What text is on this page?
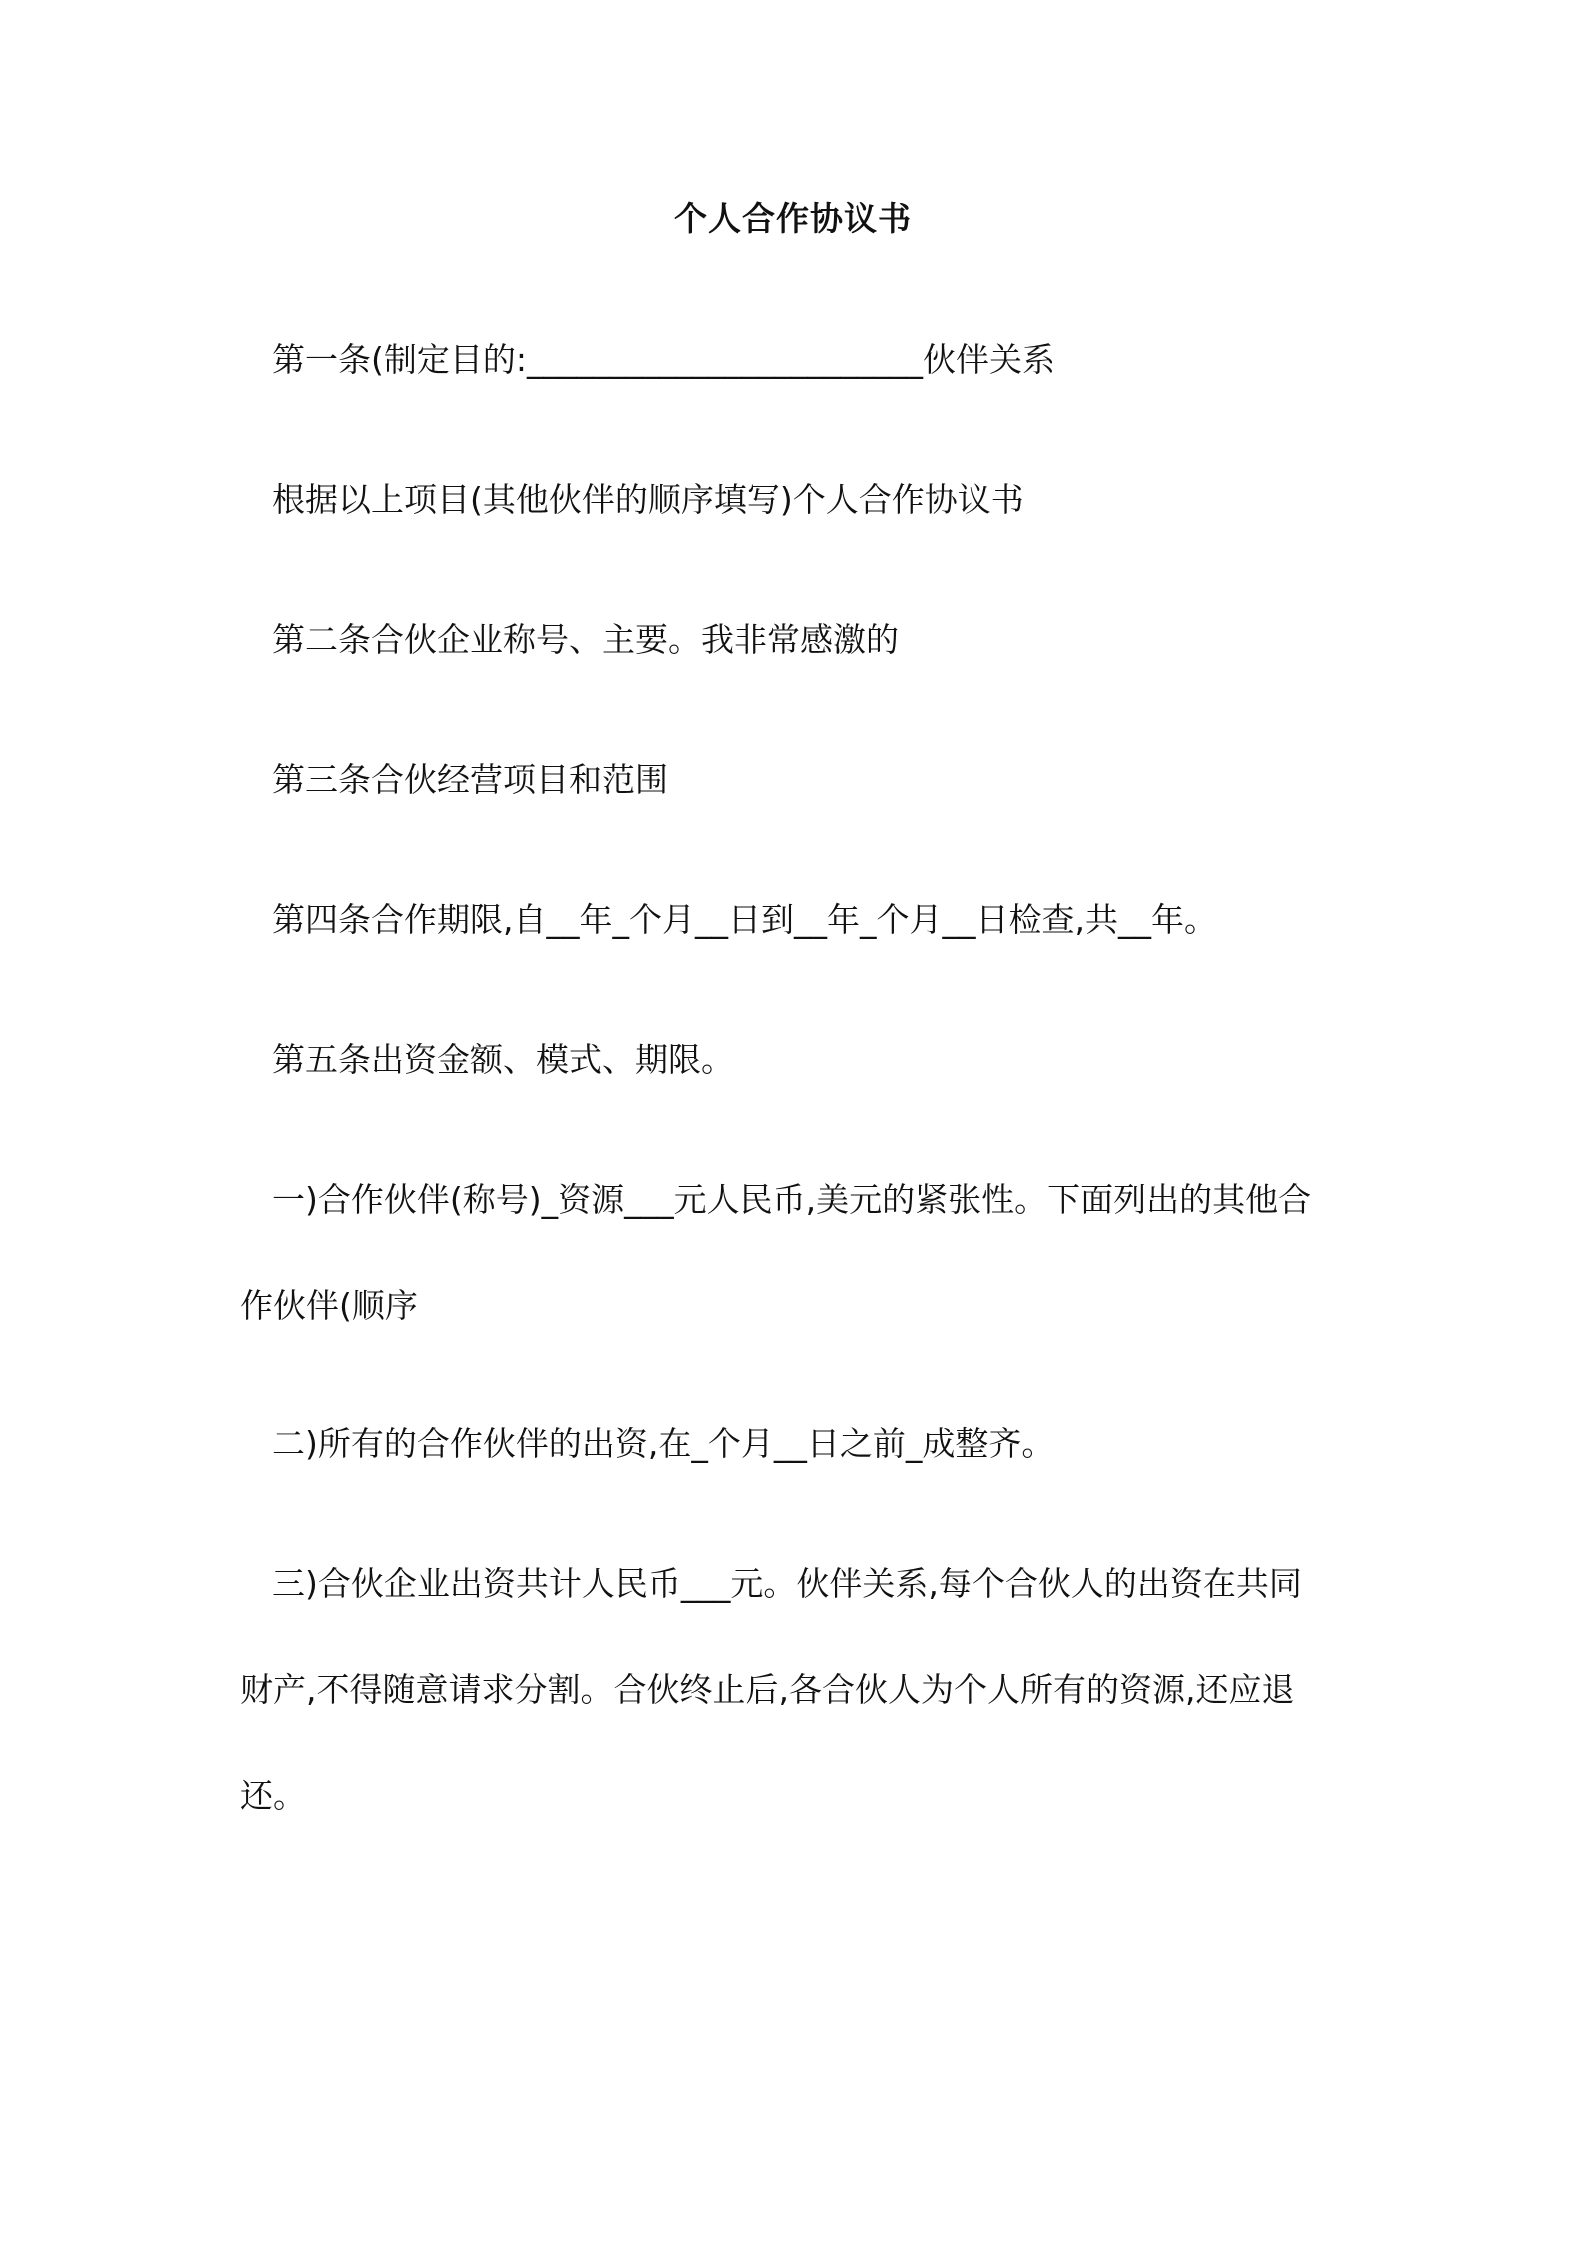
个人合作协议书
第一条(制定目的:________________________伙伴关系
根据以上项目(其他伙伴的顺序填写)个人合作协议书
第二条合伙企业称号、主要。我非常感激的
第三条合伙经营项目和范围
第四条合作期限,自__年_个月__日到__年_个月__日检查,共__年。
第五条出资金额、模式、期限。
一)合作伙伴(称号)_资源___元人民币,美元的紧张性。下面列出的其他合
作伙伴(顺序
二)所有的合作伙伴的出资,在_个月__日之前_成整齐。
三)合伙企业出资共计人民币___元。伙伴关系,每个合伙人的出资在共同
财产,不得随意请求分割。合伙终止后,各合伙人为个人所有的资源,还应退
还。
